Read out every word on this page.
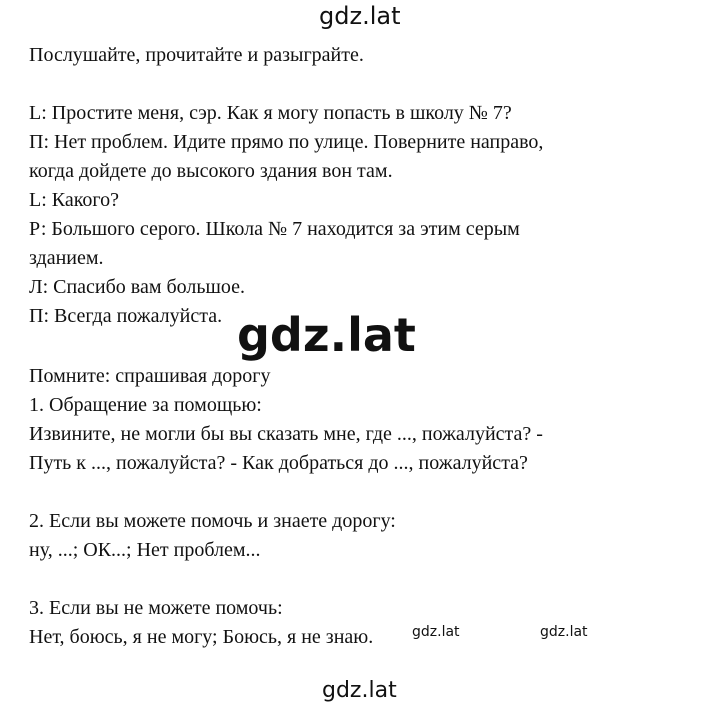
gdz.lat
Послушайте, прочитайте и разыграйте.
L: Простите меня, сэр. Как я могу попасть в школу № 7?
П: Нет проблем. Идите прямо по улице. Поверните направо,
когда дойдете до высокого здания вон там.
L: Какого?
Р: Большого серого. Школа № 7 находится за этим серым
зданием.
Л: Спасибо вам большое.
П: Всегда пожалуйста.
Помните: спрашивая дорогу
1. Обращение за помощью:
Извините, не могли бы вы сказать мне, где ..., пожалуйста? -
Путь к ..., пожалуйста? - Как добраться до ..., пожалуйста?
2. Если вы можете помочь и знаете дорогу:
ну, ...; ОК...; Нет проблем...
3. Если вы не можете помочь:
Нет, боюсь, я не могу; Боюсь, я не знаю.
gdz.lat
gdz.lat	gdz.lat
gdz.lat
